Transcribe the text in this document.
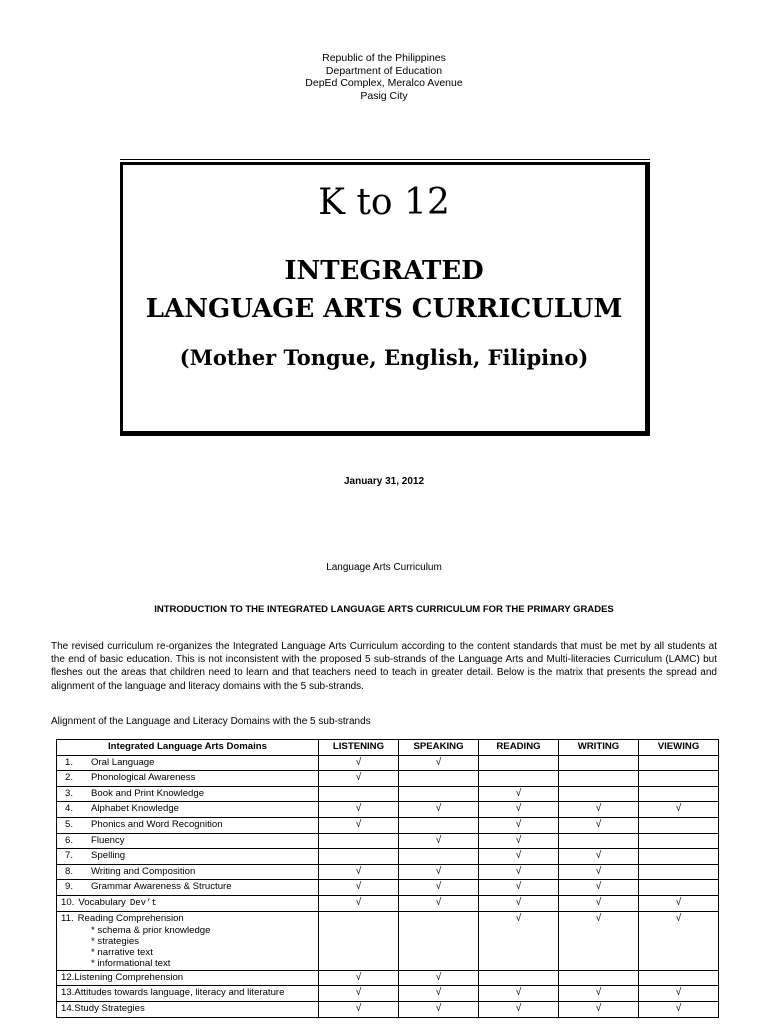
Republic of the Philippines
Department of Education
DepEd Complex, Meralco Avenue
Pasig City
K to 12
INTEGRATED
LANGUAGE ARTS CURRICULUM
(Mother Tongue, English, Filipino)
January 31, 2012
Language Arts Curriculum
INTRODUCTION TO THE INTEGRATED LANGUAGE ARTS CURRICULUM FOR THE PRIMARY GRADES
The revised curriculum re-organizes the Integrated Language Arts Curriculum according to the content standards that must be met by all students at the end of basic education. This is not inconsistent with the proposed 5 sub-strands of the Language Arts and Multi-literacies Curriculum (LAMC) but fleshes out the areas that children need to learn and that teachers need to teach in greater detail. Below is the matrix that presents the spread and alignment of the language and literacy domains with the 5 sub-strands.
Alignment of the Language and Literacy Domains with the 5 sub-strands
Integrated Language Arts Domains	LISTENING	SPEAKING	READING	WRITING	VIEWING
1. Oral Language	√	√			
2. Phonological Awareness	√				
3. Book and Print Knowledge			√		
4. Alphabet Knowledge	√	√	√	√	√
5. Phonics and Word Recognition	√		√	√	
6. Fluency		√	√		
7. Spelling			√	√	
8. Writing and Composition	√	√	√	√	
9. Grammar Awareness & Structure	√	√	√	√	
10. Vocabulary Dev’t	√	√	√	√	√
11. Reading Comprehension
* schema & prior knowledge
* strategies
* narrative text
* informational text			√	√	√
12.Listening Comprehension	√	√			
13.Attitudes towards language, literacy and literature	√	√	√	√	√
14.Study Strategies	√	√	√	√	√
